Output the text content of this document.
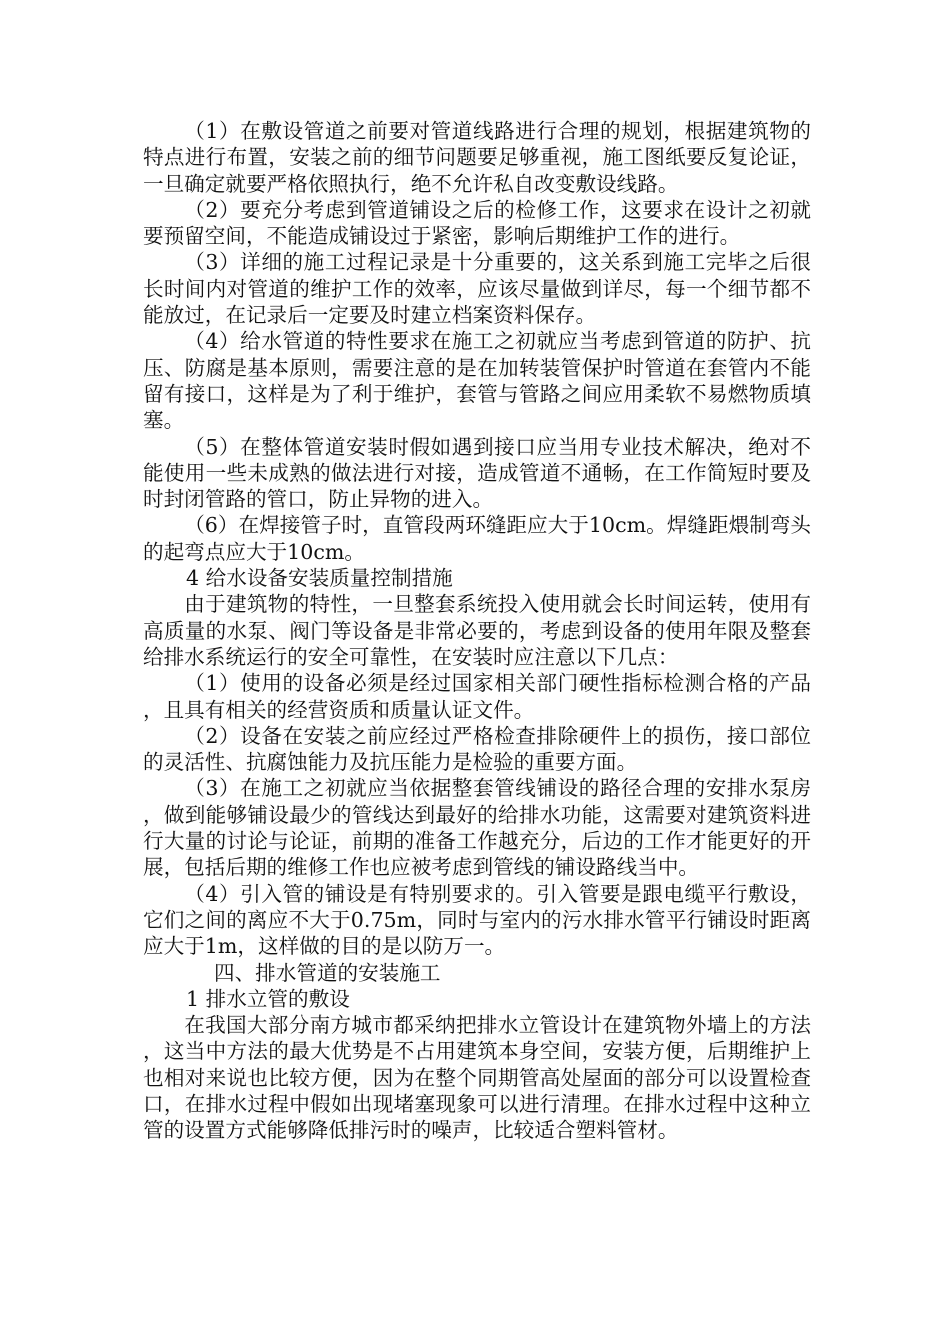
（1）在敷设管道之前要对管道线路进行合理的规划，根据建筑物的特点进行布置，安装之前的细节问题要足够重视，施工图纸要反复论证，一旦确定就要严格依照执行，绝不允许私自改变敷设线路。

（2）要充分考虑到管道铺设之后的检修工作，这要求在设计之初就要预留空间，不能造成铺设过于紧密，影响后期维护工作的进行。

（3）详细的施工过程记录是十分重要的，这关系到施工完毕之后很长时间内对管道的维护工作的效率，应该尽量做到详尽，每一个细节都不能放过，在记录后一定要及时建立档案资料保存。

（4）给水管道的特性要求在施工之初就应当考虑到管道的防护、抗压、防腐是基本原则，需要注意的是在加转装管保护时管道在套管内不能留有接口，这样是为了利于维护，套管与管路之间应用柔软不易燃物质填塞。

（5）在整体管道安装时假如遇到接口应当用专业技术解决，绝对不能使用一些未成熟的做法进行对接，造成管道不通畅，在工作简短时要及时封闭管路的管口，防止异物的进入。

（6）在焊接管子时，直管段两环缝距应大于10cm。焊缝距煨制弯头的起弯点应大于10cm。

4 给水设备安装质量控制措施

由于建筑物的特性，一旦整套系统投入使用就会长时间运转，使用有高质量的水泵、阀门等设备是非常必要的，考虑到设备的使用年限及整套给排水系统运行的安全可靠性，在安装时应注意以下几点：

（1）使用的设备必须是经过国家相关部门硬性指标检测合格的产品，且具有相关的经营资质和质量认证文件。

（2）设备在安装之前应经过严格检查排除硬件上的损伤，接口部位的灵活性、抗腐蚀能力及抗压能力是检验的重要方面。

（3）在施工之初就应当依据整套管线铺设的路径合理的安排水泵房，做到能够铺设最少的管线达到最好的给排水功能，这需要对建筑资料进行大量的讨论与论证，前期的准备工作越充分，后边的工作才能更好的开展，包括后期的维修工作也应被考虑到管线的铺设路线当中。

（4）引入管的铺设是有特别要求的。引入管要是跟电缆平行敷设，它们之间的离应不大于0.75m，同时与室内的污水排水管平行铺设时距离应大于1m，这样做的目的是以防万一。

四、排水管道的安装施工

1 排水立管的敷设

在我国大部分南方城市都采纳把排水立管设计在建筑物外墙上的方法，这当中方法的最大优势是不占用建筑本身空间，安装方便，后期维护上也相对来说也比较方便，因为在整个同期管高处屋面的部分可以设置检查口，在排水过程中假如出现堵塞现象可以进行清理。在排水过程中这种立管的设置方式能够降低排污时的噪声，比较适合塑料管材。
